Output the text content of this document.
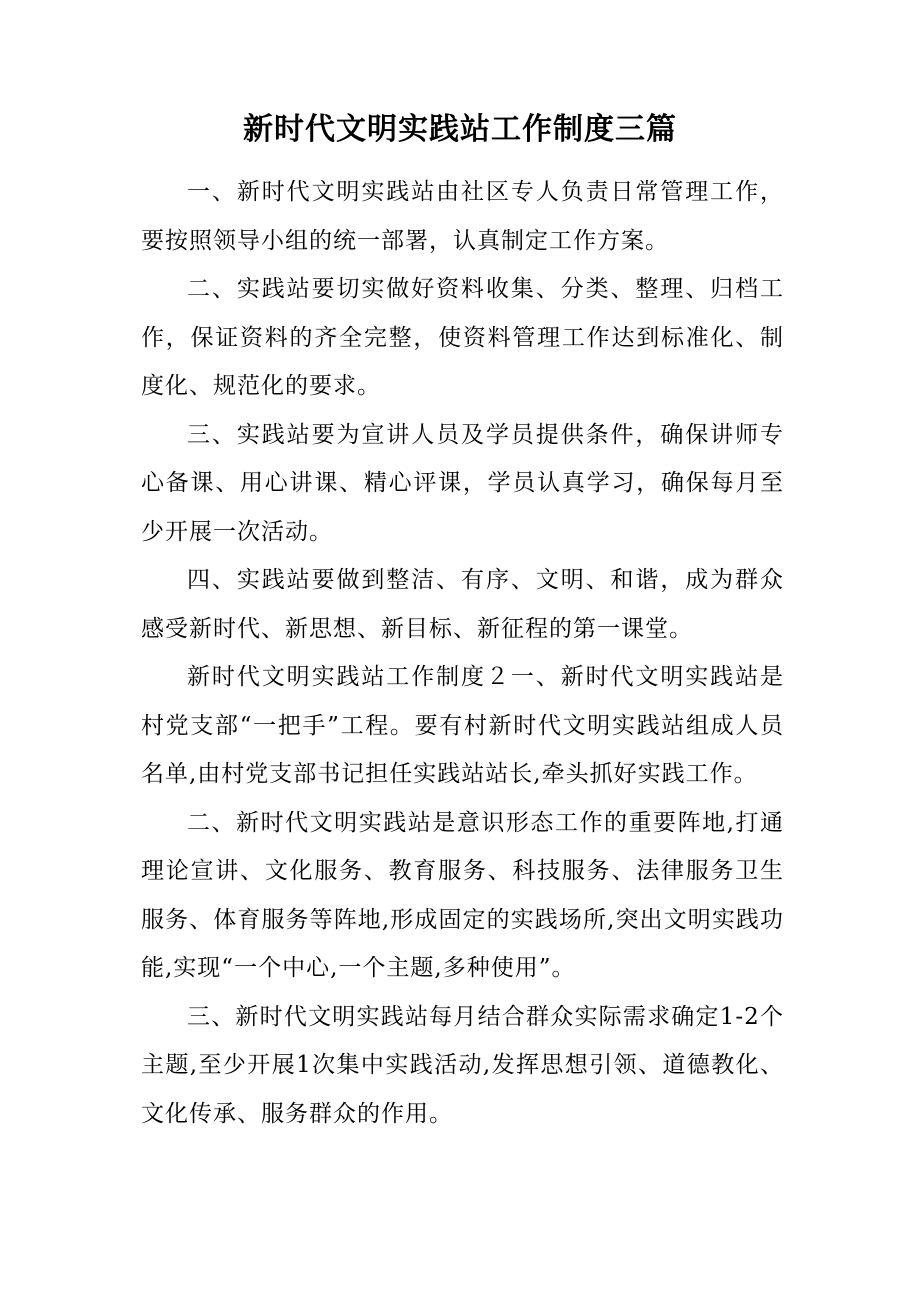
新时代文明实践站工作制度三篇

一、新时代文明实践站由社区专人负责日常管理工作，要按照领导小组的统一部署，认真制定工作方案。

二、实践站要切实做好资料收集、分类、整理、归档工作，保证资料的齐全完整，使资料管理工作达到标准化、制度化、规范化的要求。

三、实践站要为宣讲人员及学员提供条件，确保讲师专心备课、用心讲课、精心评课，学员认真学习，确保每月至少开展一次活动。

四、实践站要做到整洁、有序、文明、和谐，成为群众感受新时代、新思想、新目标、新征程的第一课堂。

新时代文明实践站工作制度２一、新时代文明实践站是村党支部“一把手”工程。要有村新时代文明实践站组成人员名单,由村党支部书记担任实践站站长,牵头抓好实践工作。

二、新时代文明实践站是意识形态工作的重要阵地,打通理论宣讲、文化服务、教育服务、科技服务、法律服务卫生服务、体育服务等阵地,形成固定的实践场所,突出文明实践功能,实现“一个中心,一个主题,多种使用”。

三、新时代文明实践站每月结合群众实际需求确定1-2个主题,至少开展1次集中实践活动,发挥思想引领、道德教化、文化传承、服务群众的作用。
